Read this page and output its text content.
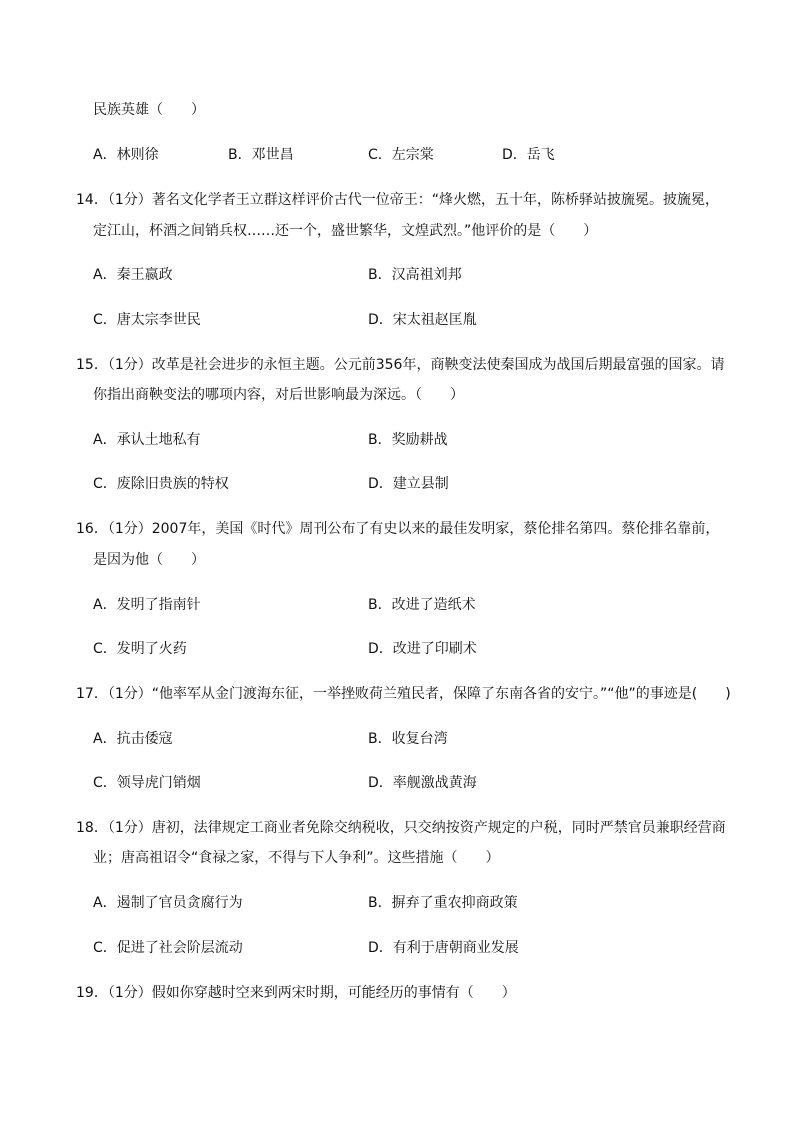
民族英雄（　　）
A．林则徐	B．邓世昌	C．左宗棠	D．岳飞
14．（1分）著名文化学者王立群这样评价古代一位帝王：“烽火燃，五十年，陈桥驿站披旒冕。披旒冕，
定江山，杯酒之间销兵权……还一个，盛世繁华，文煌武烈。”他评价的是（　　）
A．秦王嬴政	B．汉高祖刘邦
C．唐太宗李世民	D．宋太祖赵匡胤
15．（1分）改革是社会进步的永恒主题。公元前356年，商鞅变法使秦国成为战国后期最富强的国家。请
你指出商鞅变法的哪项内容，对后世影响最为深远。（　　）
A．承认土地私有	B．奖励耕战
C．废除旧贵族的特权	D．建立县制
16．（1分）2007年，美国《时代》周刊公布了有史以来的最佳发明家，蔡伦排名第四。蔡伦排名靠前，
是因为他（　　）
A．发明了指南针	B．改进了造纸术
C．发明了火药	D．改进了印刷术
17．（1分）“他率军从金门渡海东征，一举挫败荷兰殖民者，保障了东南各省的安宁。”“他”的事迹是(　　)
A．抗击倭寇	B．收复台湾
C．领导虎门销烟	D．率舰激战黄海
18．（1分）唐初，法律规定工商业者免除交纳税收，只交纳按资产规定的户税，同时严禁官员兼职经营商
业；唐高祖诏令“食禄之家，不得与下人争利”。这些措施（　　）
A．遏制了官员贪腐行为	B．摒弃了重农抑商政策
C．促进了社会阶层流动	D．有利于唐朝商业发展
19．（1分）假如你穿越时空来到两宋时期，可能经历的事情有（　　）
